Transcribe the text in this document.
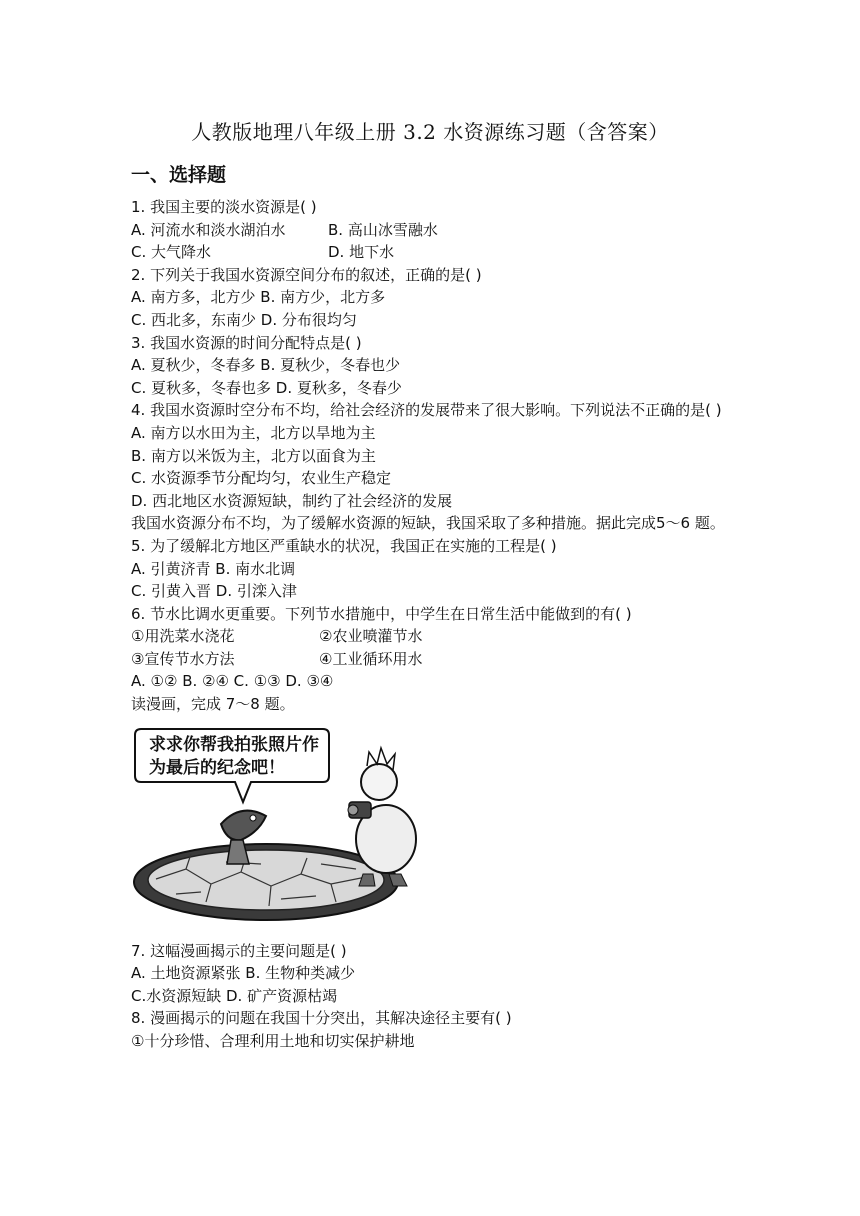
人教版地理八年级上册 3.2 水资源练习题（含答案）
一、选择题
1. 我国主要的淡水资源是( )
A. 河流水和淡水湖泊水	B. 高山冰雪融水
C. 大气降水	D. 地下水
2. 下列关于我国水资源空间分布的叙述，正确的是( )
A. 南方多，北方少 B. 南方少，北方多
C. 西北多，东南少 D. 分布很均匀
3. 我国水资源的时间分配特点是( )
A. 夏秋少，冬春多 B. 夏秋少，冬春也少
C. 夏秋多，冬春也多 D. 夏秋多，冬春少
4. 我国水资源时空分布不均，给社会经济的发展带来了很大影响。下列说法不正确的是( )
A. 南方以水田为主，北方以旱地为主
B. 南方以米饭为主，北方以面食为主
C. 水资源季节分配均匀，农业生产稳定
D. 西北地区水资源短缺，制约了社会经济的发展
我国水资源分布不均，为了缓解水资源的短缺，我国采取了多种措施。据此完成5～6 题。
5. 为了缓解北方地区严重缺水的状况，我国正在实施的工程是( )
A. 引黄济青 B. 南水北调
C. 引黄入晋 D. 引滦入津
6. 节水比调水更重要。下列节水措施中，中学生在日常生活中能做到的有( )
①用洗菜水浇花	②农业喷灌节水
③宣传节水方法	④工业循环用水
A. ①② B. ②④ C. ①③ D. ③④
读漫画，完成 7～8 题。
求求你帮我拍张照片作为最后的纪念吧！
7. 这幅漫画揭示的主要问题是( )
A. 土地资源紧张 B. 生物种类减少
C.水资源短缺 D. 矿产资源枯竭
8. 漫画揭示的问题在我国十分突出，其解决途径主要有( )
①十分珍惜、合理利用土地和切实保护耕地
